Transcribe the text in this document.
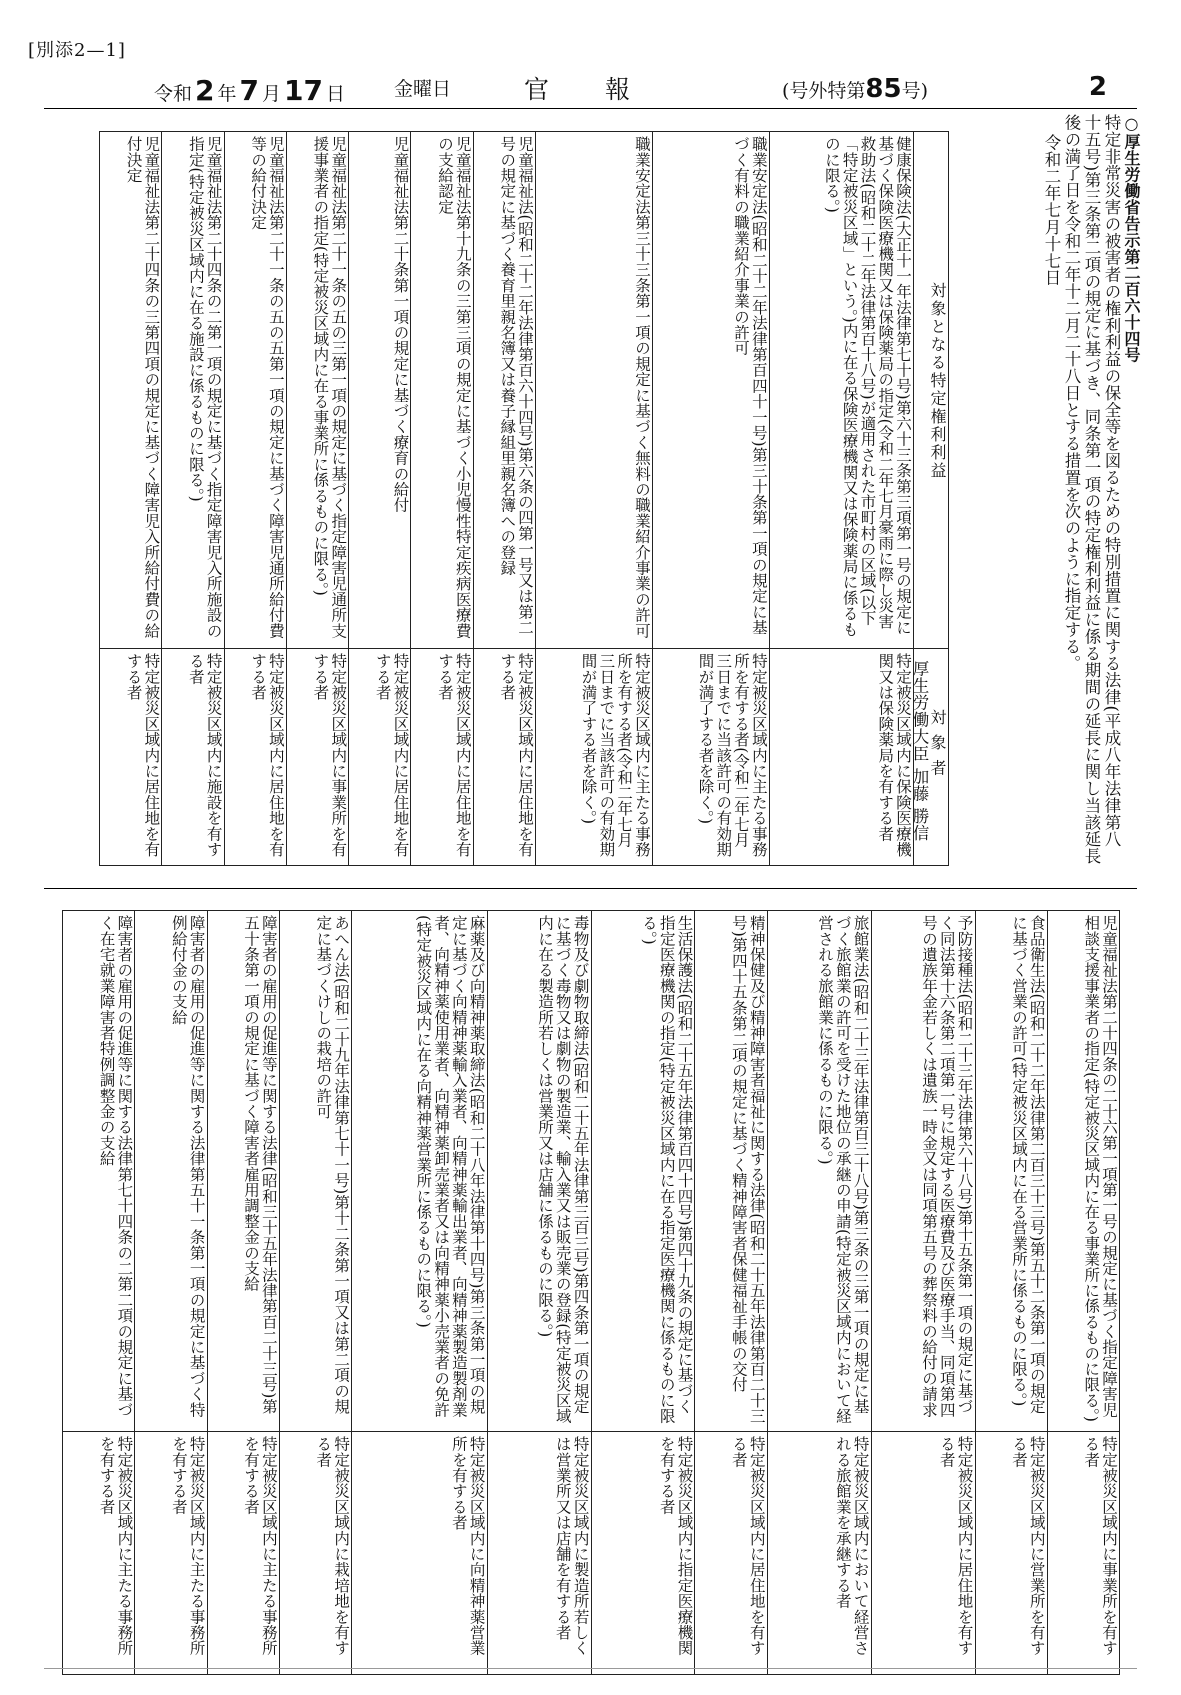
[別添2—1]
令和 2 年 7 月 17 日	金曜日	官報	(号外特第85号)	2
○厚生労働省告示第二百六十四号
特定非常災害の被害者の権利利益の保全等を図るための特別措置に関する法律(平成八年法律第八
十五号)第三条第二項の規定に基づき、同条第一項の特定権利利益に係る期間の延長に関し当該延長
後の満了日を令和二年十二月二十八日とする措置を次のように指定する。
令和二年七月十七日
厚生労働大臣 加藤 勝信
対象となる特定権利利益	健康保険法(大正十一年法律第七十号)第六十三条第三項第一号の規定に基づく保険医療機関又は保険薬局の指定(令和二年七月豪雨に際し災害救助法(昭和二十二年法律第百十八号)が適用された市町村の区域(以下「特定被災区域」という。)内に在る保険医療機関又は保険薬局に係るものに限る。)	職業安定法(昭和二十二年法律第百四十一号)第三十条第一項の規定に基づく有料の職業紹介事業の許可	職業安定法第三十三条第一項の規定に基づく無料の職業紹介事業の許可	児童福祉法(昭和二十二年法律第百六十四号)第六条の四第一号又は第二号の規定に基づく養育里親名簿又は養子縁組里親名簿への登録	児童福祉法第十九条の三第三項の規定に基づく小児慢性特定疾病医療費の支給認定	児童福祉法第二十条第一項の規定に基づく療育の給付	児童福祉法第二十一条の五の三第一項の規定に基づく指定障害児通所支援事業者の指定(特定被災区域内に在る事業所に係るものに限る。)	児童福祉法第二十一条の五の五第一項の規定に基づく障害児通所給付費等の給付決定	児童福祉法第二十四条の二第一項の規定に基づく指定障害児入所施設の指定(特定被災区域内に在る施設に係るものに限る。)	児童福祉法第二十四条の三第四項の規定に基づく障害児入所給付費の給付決定

対 象 者	特定被災区域内に保険医療機関又は保険薬局を有する者	特定被災区域内に主たる事務所を有する者(令和二年七月三日までに当該許可の有効期間が満了する者を除く。)	特定被災区域内に主たる事務所を有する者(令和二年七月三日までに当該許可の有効期間が満了する者を除く。)	特定被災区域内に居住地を有する者	特定被災区域内に居住地を有する者	特定被災区域内に居住地を有する者	特定被災区域内に事業所を有する者	特定被災区域内に居住地を有する者	特定被災区域内に施設を有する者	特定被災区域内に居住地を有する者
児童福祉法第二十四条の二十六第一項第一号の規定に基づく指定障害児相談支援事業者の指定(特定被災区域内に在る事業所に係るものに限る。)	食品衛生法(昭和二十二年法律第二百三十三号)第五十二条第一項の規定に基づく営業の許可(特定被災区域内に在る営業所に係るものに限る。)	予防接種法(昭和二十三年法律第六十八号)第十五条第一項の規定に基づく同法第十六条第二項第一号に規定する医療費及び医療手当、同項第四号の遺族年金若しくは遺族一時金又は同項第五号の葬祭料の給付の請求	旅館業法(昭和二十三年法律第百三十八号)第三条の三第一項の規定に基づく旅館業の許可を受けた地位の承継の申請(特定被災区域内において経営される旅館業に係るものに限る。)	精神保健及び精神障害者福祉に関する法律(昭和二十五年法律第百二十三号)第四十五条第二項の規定に基づく精神障害者保健福祉手帳の交付	生活保護法(昭和二十五年法律第百四十四号)第四十九条の規定に基づく指定医療機関の指定(特定被災区域内に在る指定医療機関に係るものに限る。)	毒物及び劇物取締法(昭和二十五年法律第三百三号)第四条第一項の規定に基づく毒物又は劇物の製造業、輸入業又は販売業の登録(特定被災区域内に在る製造所若しくは営業所又は店舗に係るものに限る。)	麻薬及び向精神薬取締法(昭和二十八年法律第十四号)第三条第一項の規定に基づく向精神薬輸入業者、向精神薬輸出業者、向精神薬製造製剤業者、向精神薬使用業者、向精神薬卸売業者又は向精神薬小売業者の免許(特定被災区域内に在る向精神薬営業所に係るものに限る。)	あへん法(昭和二十九年法律第七十一号)第十二条第一項又は第二項の規定に基づくけしの栽培の許可	障害者の雇用の促進等に関する法律(昭和三十五年法律第百二十三号)第五十条第一項の規定に基づく障害者雇用調整金の支給	障害者の雇用の促進等に関する法律第五十一条第一項の規定に基づく特例給付金の支給	障害者の雇用の促進等に関する法律第七十四条の二第二項の規定に基づく在宅就業障害者特例調整金の支給

特定被災区域内に事業所を有する者	特定被災区域内に営業所を有する者	特定被災区域内に居住地を有する者	特定被災区域内において経営される旅館業を承継する者	特定被災区域内に居住地を有する者	特定被災区域内に指定医療機関を有する者	特定被災区域内に製造所若しくは営業所又は店舗を有する者	特定被災区域内に向精神薬営業所を有する者	特定被災区域内に栽培地を有する者	特定被災区域内に主たる事務所を有する者	特定被災区域内に主たる事務所を有する者	特定被災区域内に主たる事務所を有する者
